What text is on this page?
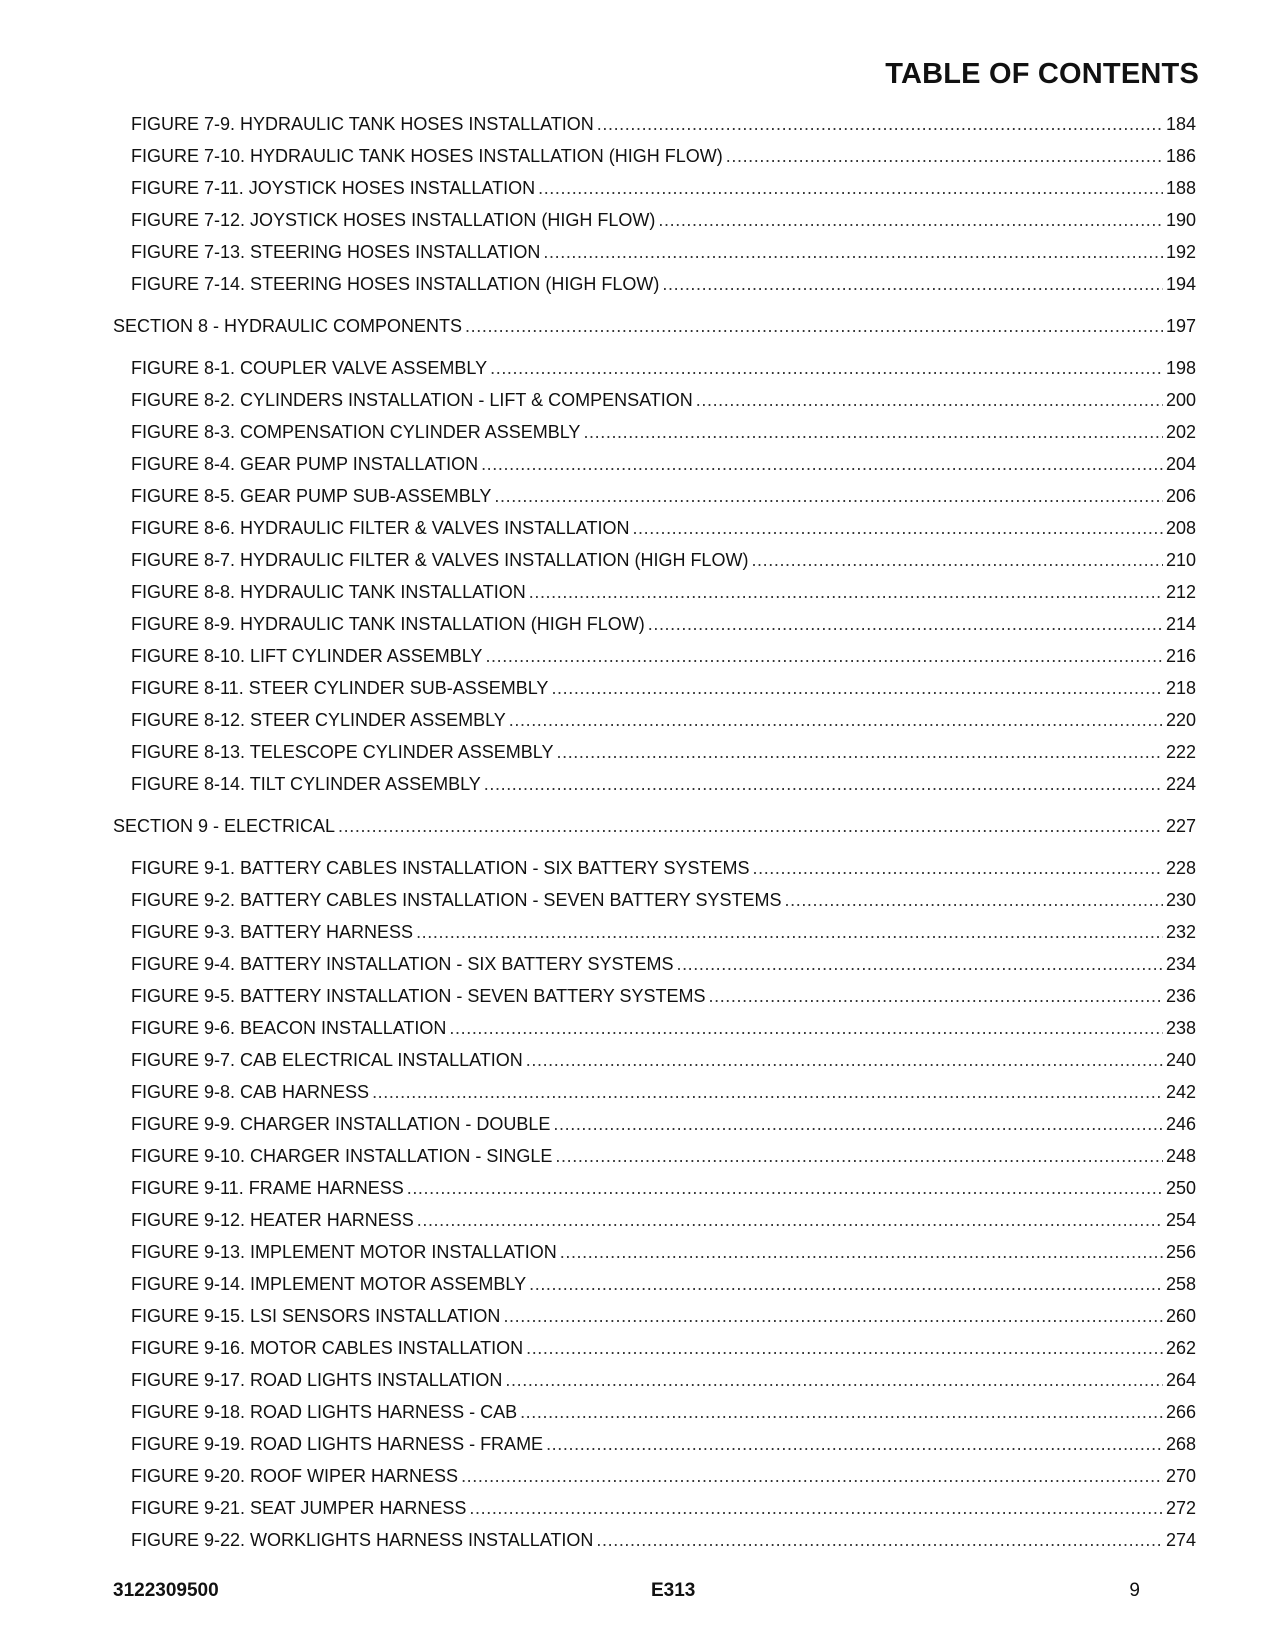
TABLE OF CONTENTS
FIGURE 7-9. HYDRAULIC TANK HOSES INSTALLATION . . .	184
FIGURE 7-10. HYDRAULIC TANK HOSES INSTALLATION (HIGH FLOW) . . .	186
FIGURE 7-11. JOYSTICK HOSES INSTALLATION . . .	188
FIGURE 7-12. JOYSTICK HOSES INSTALLATION (HIGH FLOW) . . .	190
FIGURE 7-13. STEERING HOSES INSTALLATION . . .	192
FIGURE 7-14. STEERING HOSES INSTALLATION (HIGH FLOW) . . .	194
SECTION 8 - HYDRAULIC COMPONENTS . . .	197
FIGURE 8-1. COUPLER VALVE ASSEMBLY . . .	198
FIGURE 8-2. CYLINDERS INSTALLATION - LIFT & COMPENSATION . . .	200
FIGURE 8-3. COMPENSATION CYLINDER ASSEMBLY . . .	202
FIGURE 8-4. GEAR PUMP INSTALLATION . . .	204
FIGURE 8-5. GEAR PUMP SUB-ASSEMBLY . . .	206
FIGURE 8-6. HYDRAULIC FILTER & VALVES INSTALLATION . . .	208
FIGURE 8-7. HYDRAULIC FILTER & VALVES INSTALLATION (HIGH FLOW) . . .	210
FIGURE 8-8. HYDRAULIC TANK INSTALLATION . . .	212
FIGURE 8-9. HYDRAULIC TANK INSTALLATION (HIGH FLOW) . . .	214
FIGURE 8-10. LIFT CYLINDER ASSEMBLY . . .	216
FIGURE 8-11. STEER CYLINDER SUB-ASSEMBLY . . .	218
FIGURE 8-12. STEER CYLINDER ASSEMBLY . . .	220
FIGURE 8-13. TELESCOPE CYLINDER ASSEMBLY . . .	222
FIGURE 8-14. TILT CYLINDER ASSEMBLY . . .	224
SECTION 9 - ELECTRICAL . . .	227
FIGURE 9-1. BATTERY CABLES INSTALLATION - SIX BATTERY SYSTEMS . . .	228
FIGURE 9-2. BATTERY CABLES INSTALLATION - SEVEN BATTERY SYSTEMS . . .	230
FIGURE 9-3. BATTERY HARNESS . . .	232
FIGURE 9-4. BATTERY INSTALLATION - SIX BATTERY SYSTEMS . . .	234
FIGURE 9-5. BATTERY INSTALLATION - SEVEN BATTERY SYSTEMS . . .	236
FIGURE 9-6. BEACON INSTALLATION . . .	238
FIGURE 9-7. CAB ELECTRICAL INSTALLATION . . .	240
FIGURE 9-8. CAB HARNESS . . .	242
FIGURE 9-9. CHARGER INSTALLATION - DOUBLE . . .	246
FIGURE 9-10. CHARGER INSTALLATION - SINGLE . . .	248
FIGURE 9-11. FRAME HARNESS . . .	250
FIGURE 9-12. HEATER HARNESS . . .	254
FIGURE 9-13. IMPLEMENT MOTOR INSTALLATION . . .	256
FIGURE 9-14. IMPLEMENT MOTOR ASSEMBLY . . .	258
FIGURE 9-15. LSI SENSORS INSTALLATION . . .	260
FIGURE 9-16. MOTOR CABLES INSTALLATION . . .	262
FIGURE 9-17. ROAD LIGHTS INSTALLATION . . .	264
FIGURE 9-18. ROAD LIGHTS HARNESS - CAB . . .	266
FIGURE 9-19. ROAD LIGHTS HARNESS - FRAME . . .	268
FIGURE 9-20. ROOF WIPER HARNESS . . .	270
FIGURE 9-21. SEAT JUMPER HARNESS . . .	272
FIGURE 9-22. WORKLIGHTS HARNESS INSTALLATION . . .	274
3122309500	E313	9
